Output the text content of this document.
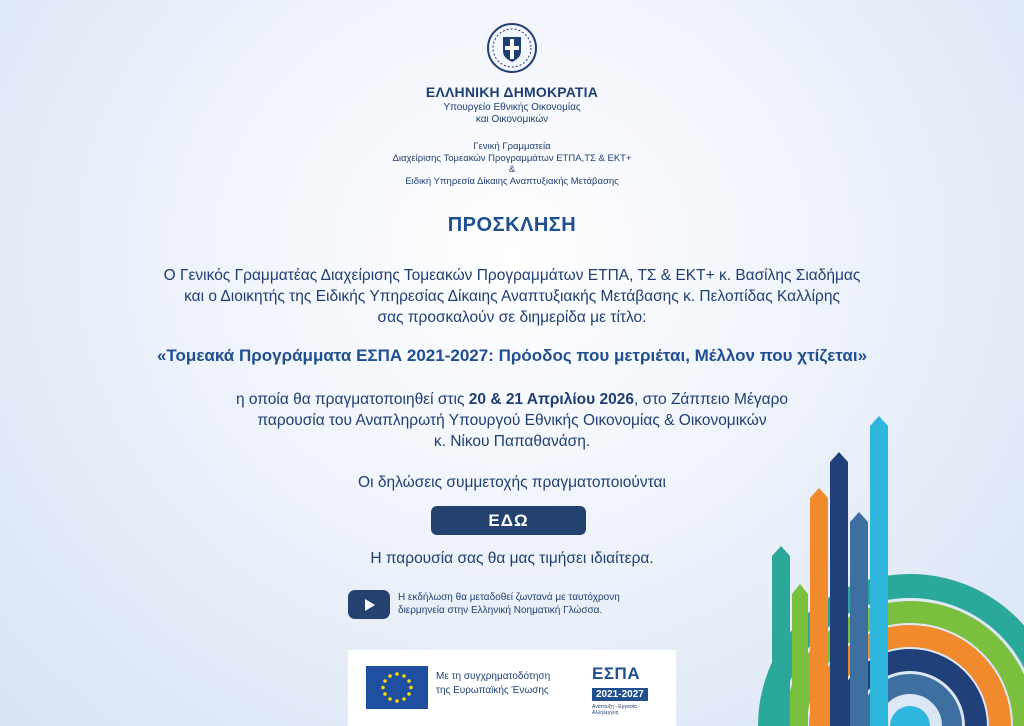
ΕΛΛΗΝΙΚΗ ΔΗΜΟΚΡΑΤΙΑ
Υπουργείο Εθνικής Οικονομίας
και Οικονομικών
Γενική Γραμματεία
Διαχείρισης Τομεακών Προγραμμάτων ΕΤΠΑ,ΤΣ & ΕΚΤ+
&
Ειδική Υπηρεσία Δίκαιης Αναπτυξιακής Μετάβασης
ΠΡΟΣΚΛΗΣΗ
Ο Γενικός Γραμματέας Διαχείρισης Τομεακών Προγραμμάτων ΕΤΠΑ, ΤΣ & ΕΚΤ+ κ. Βασίλης Σιαδήμας
και ο Διοικητής της Ειδικής Υπηρεσίας Δίκαιης Αναπτυξιακής Μετάβασης κ. Πελοπίδας Καλλίρης
σας προσκαλούν σε διημερίδα με τίτλο:
«Τομεακά Προγράμματα ΕΣΠΑ 2021-2027: Πρόοδος που μετριέται, Μέλλον που χτίζεται»
η οποία θα πραγματοποιηθεί στις 20 & 21 Απριλίου 2026, στο Ζάππειο Μέγαρο
παρουσία του Αναπληρωτή Υπουργού Εθνικής Οικονομίας & Οικονομικών
κ. Νίκου Παπαθανάση.
Οι δηλώσεις συμμετοχής πραγματοποιούνται
ΕΔΩ
Η παρουσία σας θα μας τιμήσει ιδιαίτερα.
Η εκδήλωση θα μεταδοθεί ζωντανά με ταυτόχρονη
διερμηνεία στην Ελληνική Νοηματική Γλώσσα.
Με τη συγχρηματοδότηση
της Ευρωπαϊκής Ένωσης
ΕΣΠΑ
2021-2027
Ανάπτυξη - Εργασία - Αλληλεγγύη
